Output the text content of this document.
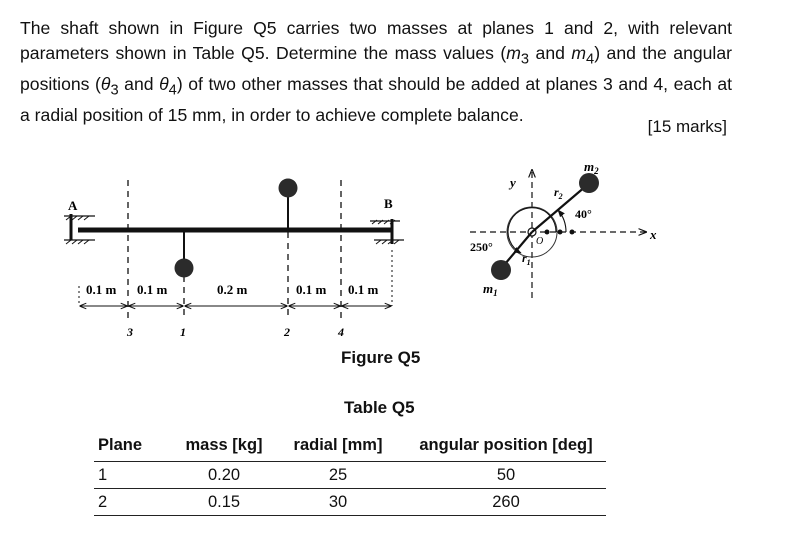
The shaft shown in Figure Q5 carries two masses at planes 1 and 2, with relevant parameters shown in Table Q5. Determine the mass values ($m_3$ and $m_4$) and the angular positions ($\theta_3$ and $\theta_4$) of two other masses that should be added at planes 3 and 4, each at a radial position of 15 mm, in order to achieve complete balance.
[15 marks]
A	B
0.1 m 0.1 m	0.2 m	0.1 m 0.1 m
3	1	2	4
40°
250°
y
x
O
$r_2$
$r_1$
$m_2$
$m_1$
Figure Q5
Table Q5
Plane	mass [kg]	radial [mm]	angular position [deg]
1	0.20	25	50
2	0.15	30	260
